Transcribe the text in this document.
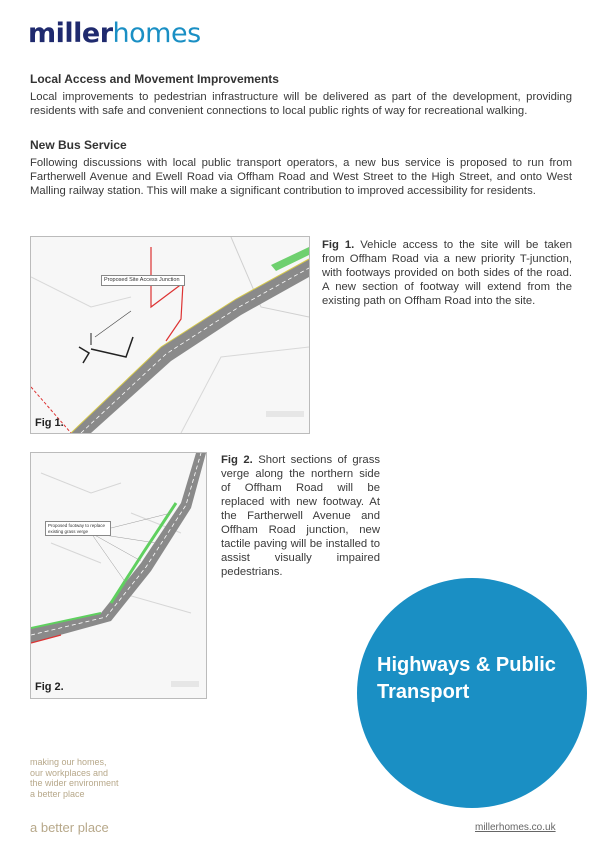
millerhomes
Local Access and Movement Improvements

Local improvements to pedestrian infrastructure will be delivered as part of the development, providing residents with safe and convenient connections to local public rights of way for recreational walking.

New Bus Service

Following discussions with local public transport operators, a new bus service is proposed to run from Fartherwell Avenue and Ewell Road via Offham Road and West Street to the High Street, and onto West Malling railway station. This will make a significant contribution to improved accessibility for residents.

Proposed Site Access Junction
Fig 1.

Fig 1. Vehicle access to the site will be taken from Offham Road via a new priority T-junction, with footways provided on both sides of the road. A new section of footway will extend from the existing path on Offham Road into the site.

Proposed footway to replace existing grass verge
Fig 2.

Fig 2. Short sections of grass verge along the northern side of Offham Road will be replaced with new footway. At the Fartherwell Avenue and Offham Road junction, new tactile paving will be installed to assist visually impaired pedestrians.

Highways & Public Transport
making our homes,
our workplaces and
the wider environment
a better place
a better place	millerhomes.co.uk
